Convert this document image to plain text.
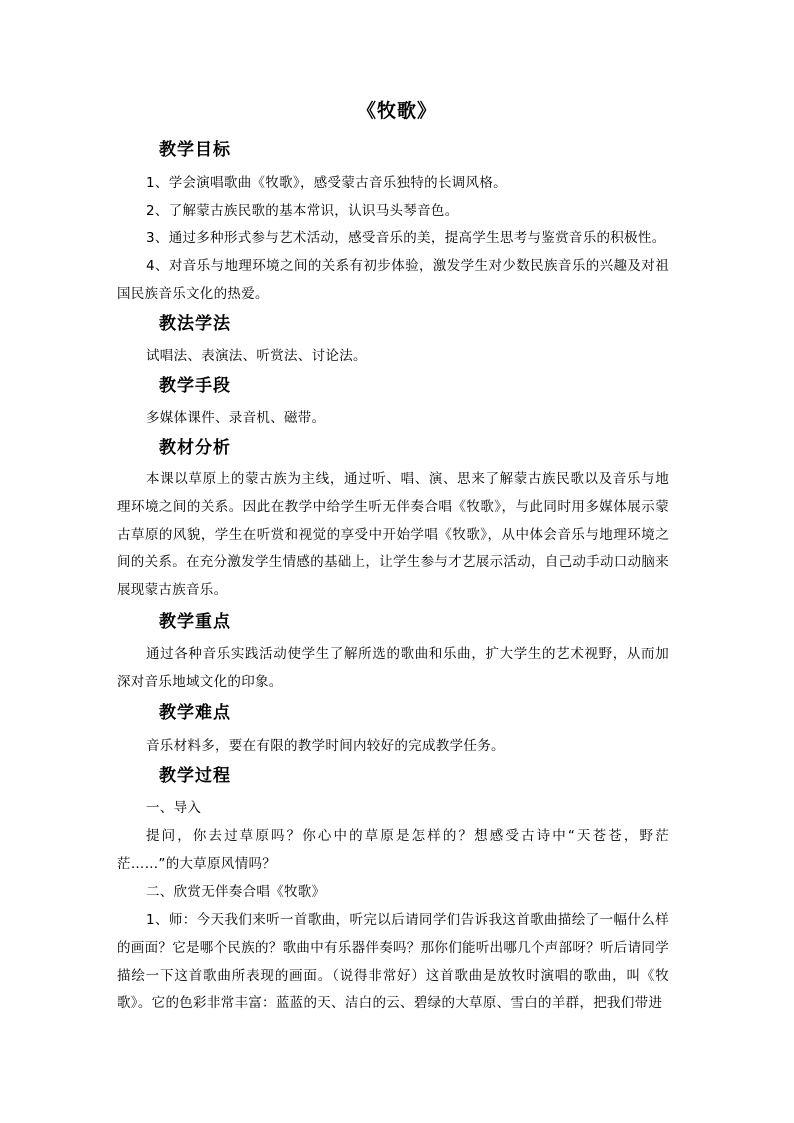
《牧歌》
教学目标
1、学会演唱歌曲《牧歌》，感受蒙古音乐独特的长调风格。
2、了解蒙古族民歌的基本常识，认识马头琴音色。
3、通过多种形式参与艺术活动，感受音乐的美，提高学生思考与鉴赏音乐的积极性。
4、对音乐与地理环境之间的关系有初步体验，激发学生对少数民族音乐的兴趣及对祖国民族音乐文化的热爱。
教法学法
试唱法、表演法、听赏法、讨论法。
教学手段
多媒体课件、录音机、磁带。
教材分析
本课以草原上的蒙古族为主线，通过听、唱、演、思来了解蒙古族民歌以及音乐与地理环境之间的关系。因此在教学中给学生听无伴奏合唱《牧歌》，与此同时用多媒体展示蒙古草原的风貌，学生在听赏和视觉的享受中开始学唱《牧歌》，从中体会音乐与地理环境之间的关系。在充分激发学生情感的基础上，让学生参与才艺展示活动，自己动手动口动脑来展现蒙古族音乐。
教学重点
通过各种音乐实践活动使学生了解所选的歌曲和乐曲，扩大学生的艺术视野，从而加深对音乐地域文化的印象。
教学难点
音乐材料多，要在有限的教学时间内较好的完成教学任务。
教学过程
一、导入
提问，你去过草原吗？你心中的草原是怎样的？想感受古诗中“天苍苍，野茫茫……”的大草原风情吗？
二、欣赏无伴奏合唱《牧歌》
1、师：今天我们来听一首歌曲，听完以后请同学们告诉我这首歌曲描绘了一幅什么样的画面？它是哪个民族的？歌曲中有乐器伴奏吗？那你们能听出哪几个声部呀？听后请同学描绘一下这首歌曲所表现的画面。（说得非常好）这首歌曲是放牧时演唱的歌曲，叫《牧歌》。它的色彩非常丰富：蓝蓝的天、洁白的云、碧绿的大草原、雪白的羊群，把我们带进
